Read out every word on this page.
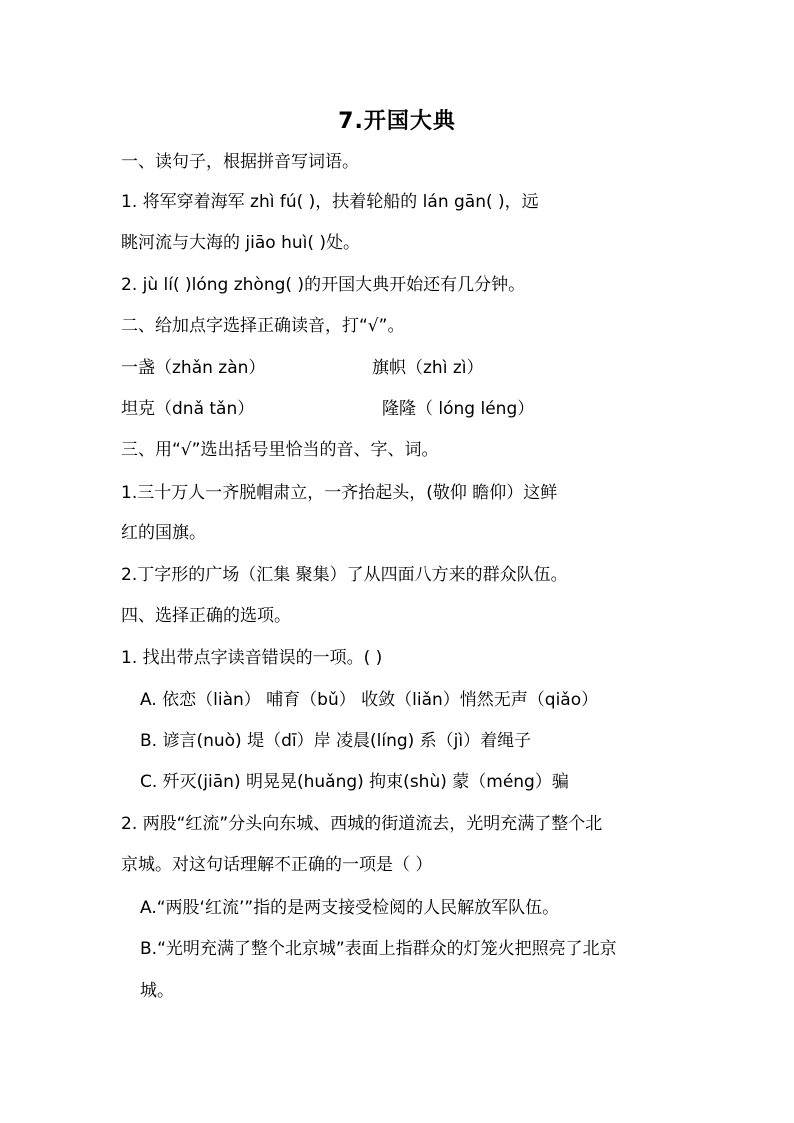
7.开国大典
一、读句子，根据拼音写词语。
1. 将军穿着海军 zhì fú( )，扶着轮船的 lán gān( )，远
眺河流与大海的 jiāo huì( )处。
2. jù lí( )lóng zhòng( )的开国大典开始还有几分钟。
二、给加点字选择正确读音，打“√”。
一盏（zhǎn zàn）	旗帜（zhì zì）
坦克（dnǎ tǎn）	隆隆（ lóng léng）
三、用“√”选出括号里恰当的音、字、词。
1.三十万人一齐脱帽肃立，一齐抬起头，(敬仰 瞻仰）这鲜
红的国旗。
2.丁字形的广场（汇集 聚集）了从四面八方来的群众队伍。
四、选择正确的选项。
1. 找出带点字读音错误的一项。( )
A. 依恋（liàn） 哺育（bǔ） 收敛（liǎn）悄然无声（qiǎo）
B. 谚言(nuò) 堤（dī）岸 凌晨(líng) 系（jì）着绳子
C. 歼灭(jiān) 明晃晃(huǎng) 拘束(shù) 蒙（méng）骗
2. 两股“红流”分头向东城、西城的街道流去，光明充满了整个北
京城。对这句话理解不正确的一项是（ ）
A.“两股‘红流’”指的是两支接受检阅的人民解放军队伍。
B.“光明充满了整个北京城”表面上指群众的灯笼火把照亮了北京
城。
